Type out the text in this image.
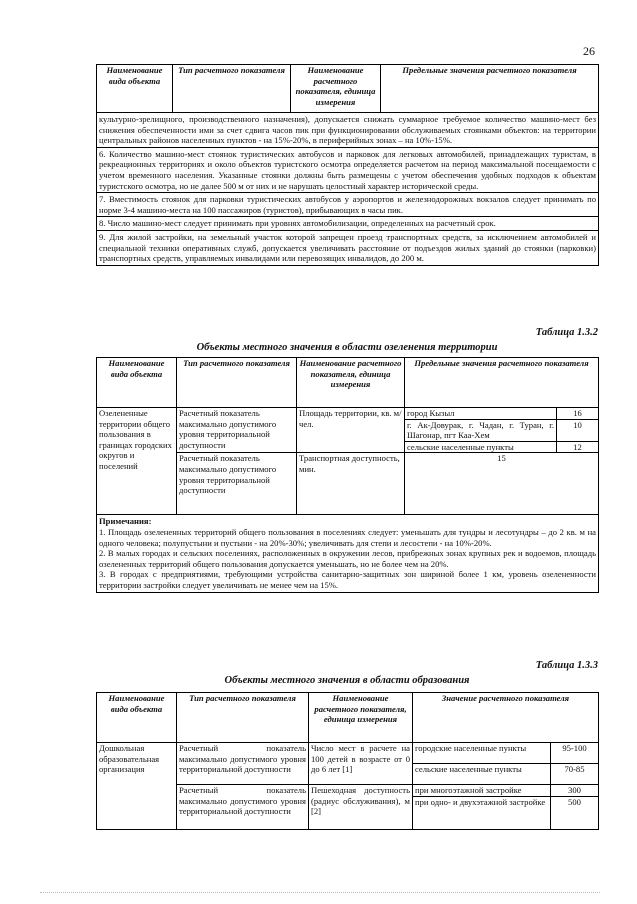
26
Наименование вида объекта	Тип расчетного показателя	Наименование расчетного показателя, единица измерения	Предельные значения расчетного показателя

культурно-зрелищного, производственного назначения), допускается снижать суммарное требуемое количество машино-мест без снижения обеспеченности ими за счет сдвига часов пик при функционировании обслуживаемых стоянками объектов: на территории центральных районов населенных пунктов - на 15%-20%, в периферийных зонах – на 10%-15%.

6. Количество машино-мест стоянок туристических автобусов и парковок для легковых автомобилей, принадлежащих туристам, в рекреационных территориях и около объектов туристского осмотра определяется расчетом на период максимальной посещаемости с учетом временного населения. Указанные стоянки должны быть размещены с учетом обеспечения удобных подходов к объектам туристского осмотра, но не далее 500 м от них и не нарушать целостный характер исторической среды.

7. Вместимость стоянок для парковки туристических автобусов у аэропортов и железнодорожных вокзалов следует принимать по норме 3-4 машино-места на 100 пассажиров (туристов), прибывающих в часы пик.

8. Число машино-мест следует принимать при уровнях автомобилизации, определенных на расчетный срок.

9. Для жилой застройки, на земельный участок которой запрещен проезд транспортных средств, за исключением автомобилей и специальной техники оперативных служб, допускается увеличивать расстояние от подъездов жилых зданий до стоянки (парковки) транспортных средств, управляемых инвалидами или перевозящих инвалидов, до 200 м.

Таблица 1.3.2
Объекты местного значения в области озеленения территории
Наименование вида объекта	Тип расчетного показателя	Наименование расчетного показателя, единица измерения	Предельные значения расчетного показателя	
Озелененные территории общего пользования в границах городских округов и поселений	Расчетный показатель максимально допустимого уровня территориальной доступности	Площадь территории, кв. м/чел.	город Кызыл	16
			г. Ак-Довурак, г. Чадан, г. Туран, г. Шагонар, пгт Каа-Хем	10
			сельские населенные пункты	12
	Расчетный показатель максимально допустимого уровня территориальной доступности	Транспортная доступность, мин.	15	

Примечания:

1. Площадь озелененных территорий общего пользования в поселениях следует: уменьшать для тундры и лесотундры – до 2 кв. м на одного человека; полупустыни и пустыни - на 20%-30%; увеличивать для степи и лесостепи - на 10%-20%.

2. В малых городах и сельских поселениях, расположенных в окружении лесов, прибрежных зонах крупных рек и водоемов, площадь озелененных территорий общего пользования допускается уменьшать, но не более чем на 20%.

3. В городах с предприятиями, требующими устройства санитарно-защитных зон шириной более 1 км, уровень озелененности территории застройки следует увеличивать не менее чем на 15%.				

Таблица 1.3.3
Объекты местного значения в области образования
Наименование вида объекта	Тип расчетного показателя	Наименование расчетного показателя, единица измерения	Значение расчетного показателя	
Дошкольная образовательная организация	Расчетный показатель максимально допустимого уровня территориальной доступности	Число мест в расчете на 100 детей в возрасте от 0 до 6 лет [1]	городские населенные пункты	95-100
			сельские населенные пункты	70-85
	Расчетный показатель максимально допустимого уровня территориальной доступности	Пешеходная доступность (радиус обслуживания), м [2]	при многоэтажной застройке	300
			при одно- и двухэтажной застройке	500
